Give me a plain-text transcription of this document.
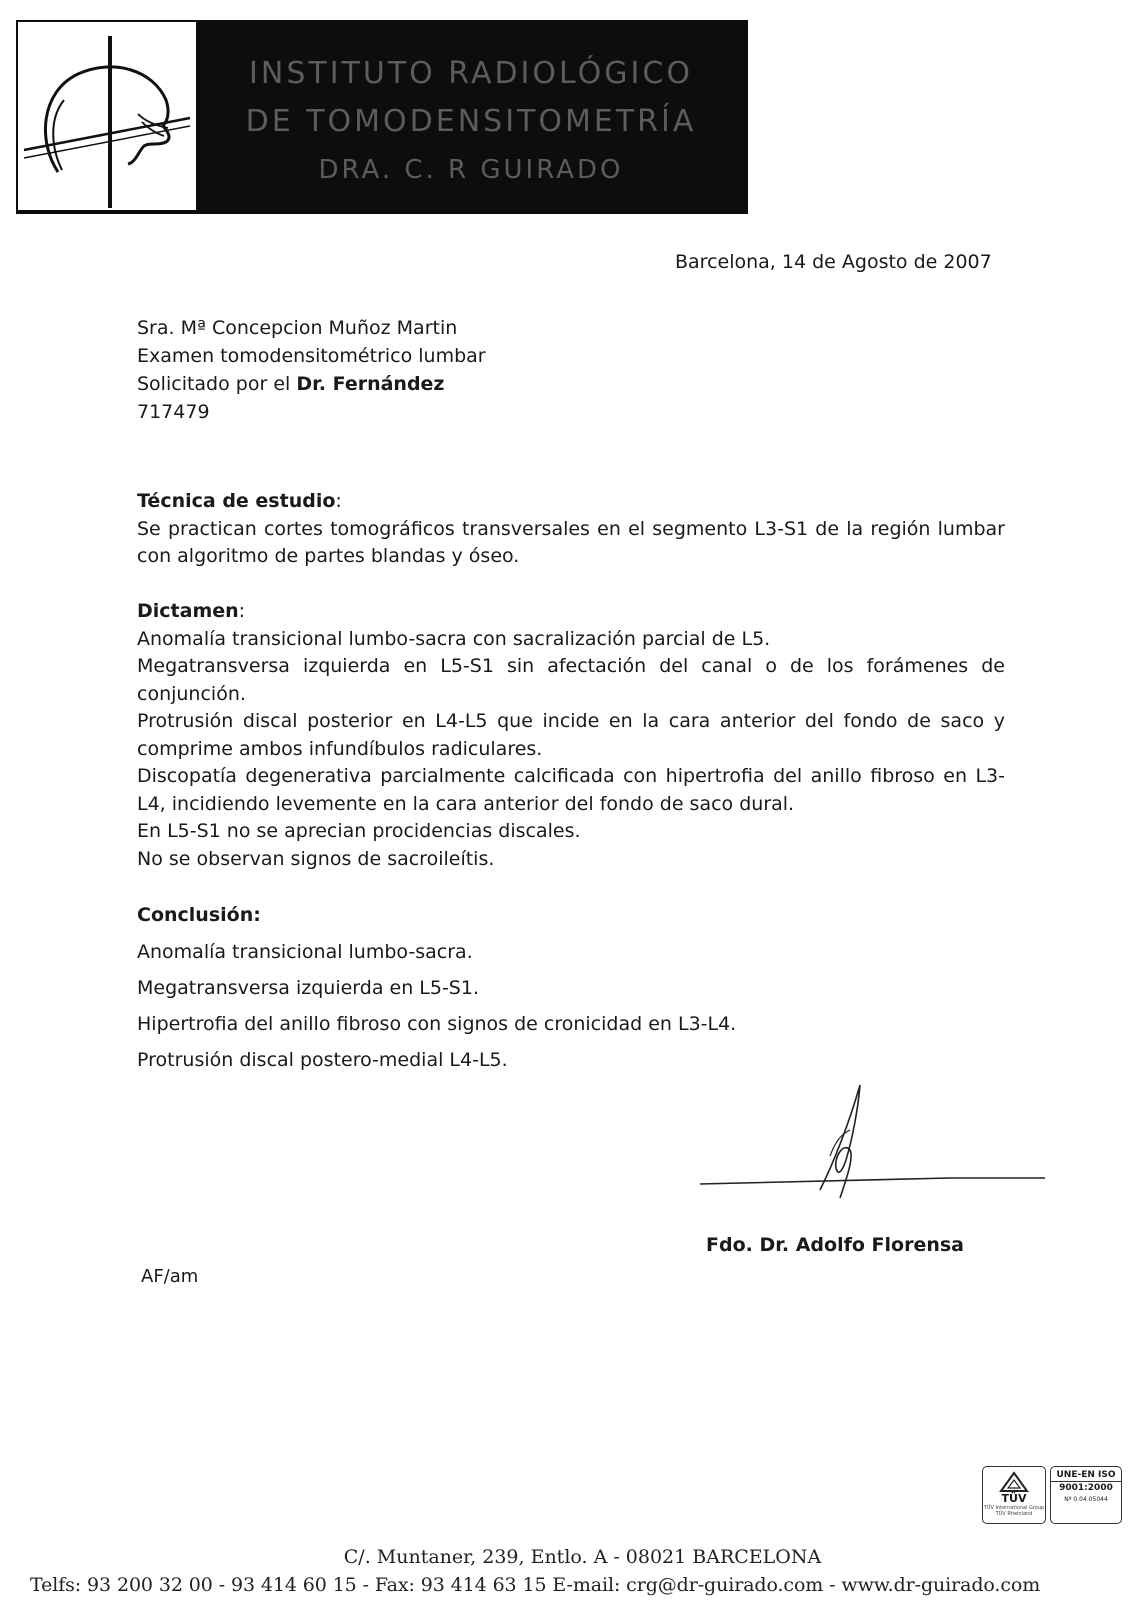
INSTITUTO RADIOLÓGICO
DE TOMODENSITOMETRÍA
DRA. C. R GUIRADO
Barcelona, 14 de Agosto de 2007
Sra. Mª Concepcion Muñoz Martin
Examen tomodensitométrico lumbar
Solicitado por el Dr. Fernández
717479
Técnica de estudio:

Se practican cortes tomográficos transversales en el segmento L3-S1 de la región lumbar con algoritmo de partes blandas y óseo.

Dictamen:

Anomalía transicional lumbo-sacra con sacralización parcial de L5.

Megatransversa izquierda en L5-S1 sin afectación del canal o de los forámenes de conjunción.

Protrusión discal posterior en L4-L5 que incide en la cara anterior del fondo de saco y comprime ambos infundíbulos radiculares.

Discopatía degenerativa parcialmente calcificada con hipertrofia del anillo fibroso en L3-L4, incidiendo levemente en la cara anterior del fondo de saco dural.

En L5-S1 no se aprecian procidencias discales.

No se observan signos de sacroileítis.

Conclusión:
Anomalía transicional lumbo-sacra.
Megatransversa izquierda en L5-S1.
Hipertrofia del anillo fibroso con signos de cronicidad en L3-L4.
Protrusión discal postero-medial L4-L5.
Fdo. Dr. Adolfo Florensa
AF/am
TÜV
TÜV International Group TÜV Rheinland
UNE-EN ISO
9001:2000
Nº 0.04 05044
C/. Muntaner, 239, Entlo. A - 08021 BARCELONA
Telfs: 93 200 32 00 - 93 414 60 15 - Fax: 93 414 63 15 E-mail: crg@dr-guirado.com - www.dr-guirado.com
